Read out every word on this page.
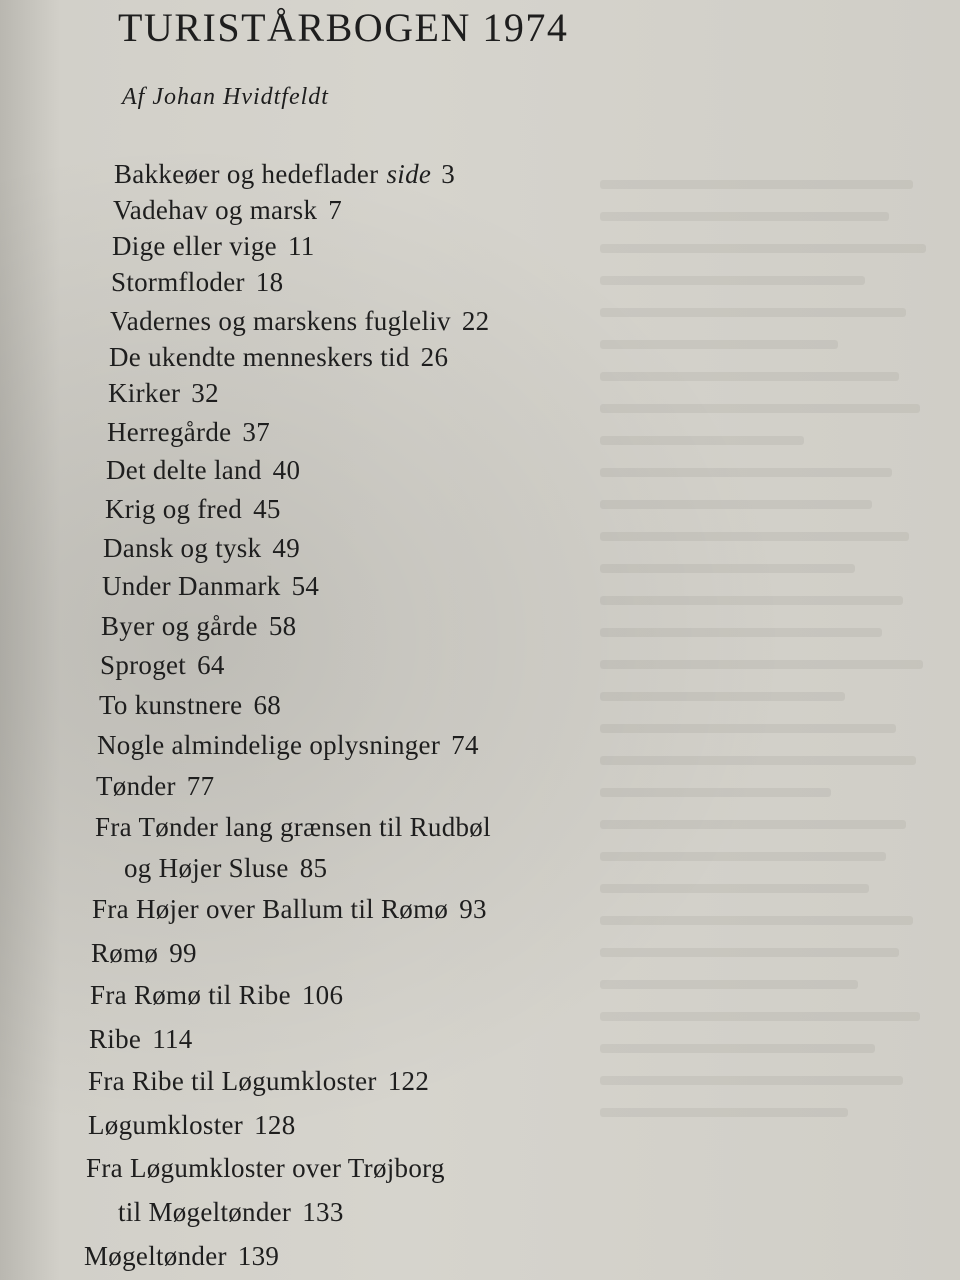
TURISTÅRBOGEN 1974
Af Johan Hvidtfeldt
Bakkeøer og hedeflader side 3
Vadehav og marsk 7
Dige eller vige 11
Stormfloder 18
Vadernes og marskens fugleliv 22
De ukendte menneskers tid 26
Kirker 32
Herregårde 37
Det delte land 40
Krig og fred 45
Dansk og tysk 49
Under Danmark 54
Byer og gårde 58
Sproget 64
To kunstnere 68
Nogle almindelige oplysninger 74
Tønder 77
Fra Tønder lang grænsen til Rudbøl
og Højer Sluse 85
Fra Højer over Ballum til Rømø 93
Rømø 99
Fra Rømø til Ribe 106
Ribe 114
Fra Ribe til Løgumkloster 122
Løgumkloster 128
Fra Løgumkloster over Trøjborg
til Møgeltønder 133
Møgeltønder 139
